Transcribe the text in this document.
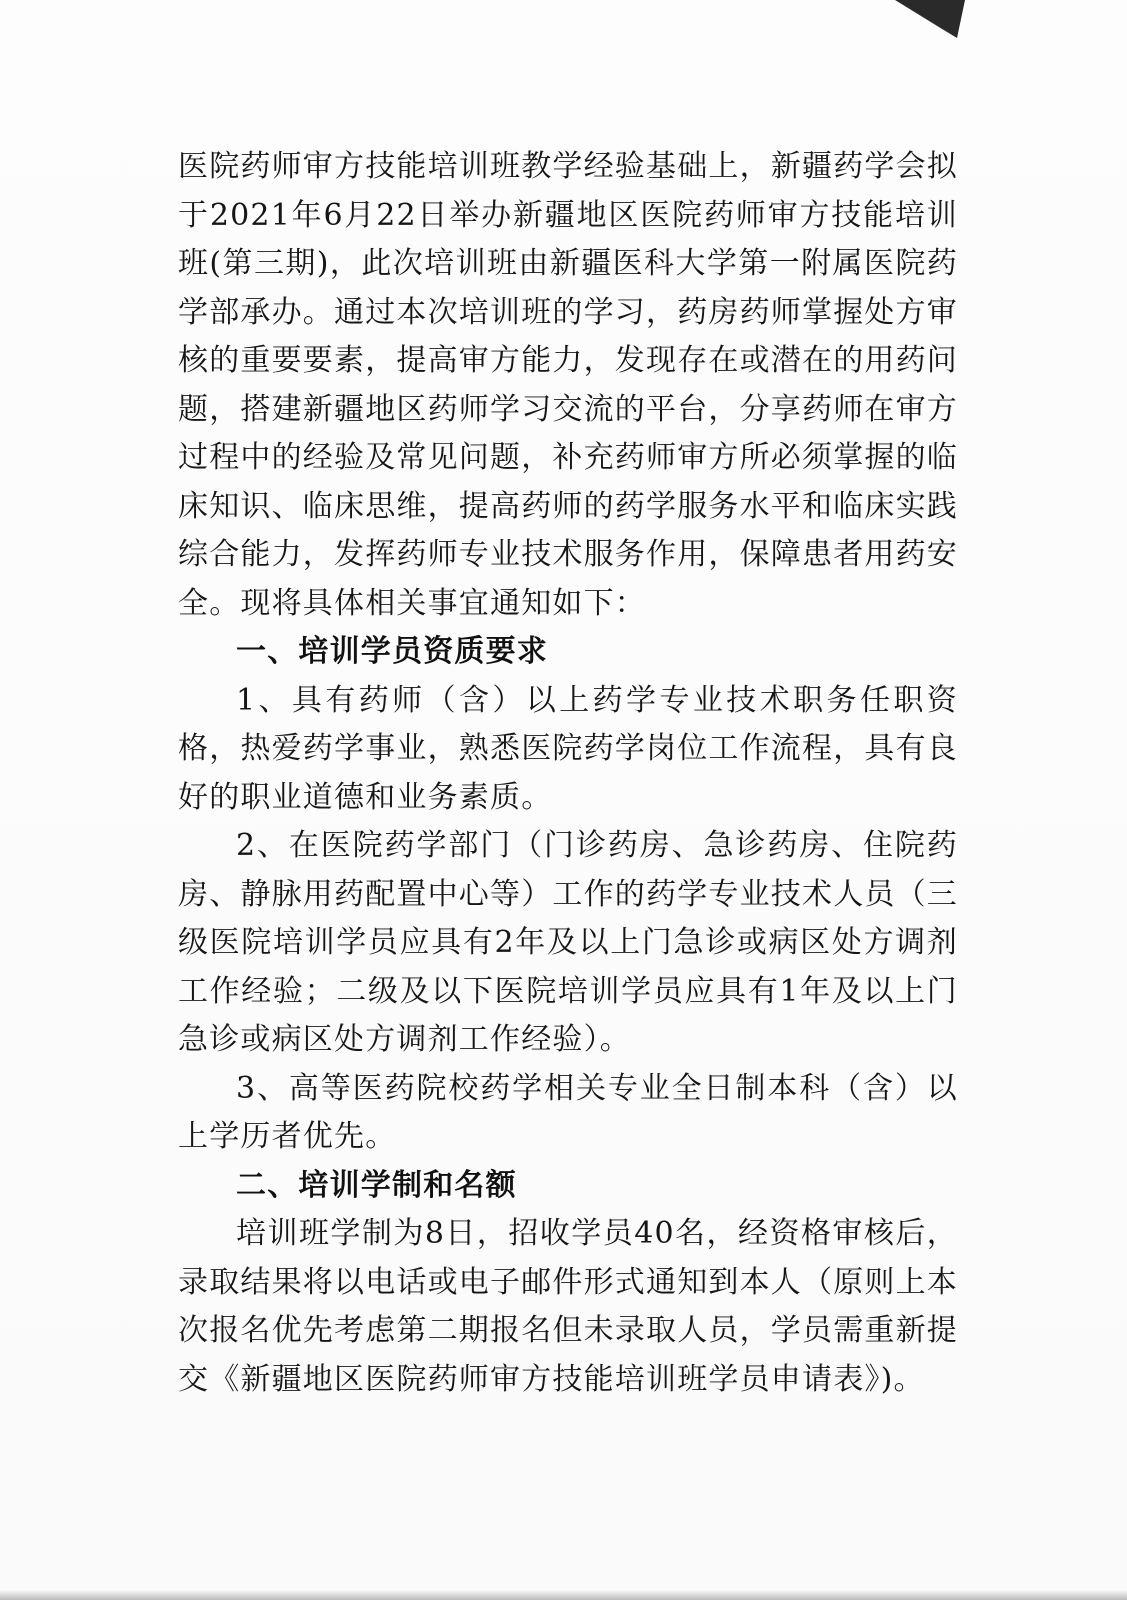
医院药师审方技能培训班教学经验基础上，新疆药学会拟于2021年6月22日举办新疆地区医院药师审方技能培训班(第三期)，此次培训班由新疆医科大学第一附属医院药学部承办。通过本次培训班的学习，药房药师掌握处方审核的重要要素，提高审方能力，发现存在或潜在的用药问题，搭建新疆地区药师学习交流的平台，分享药师在审方过程中的经验及常见问题，补充药师审方所必须掌握的临床知识、临床思维，提高药师的药学服务水平和临床实践综合能力，发挥药师专业技术服务作用，保障患者用药安全。现将具体相关事宜通知如下：

一、培训学员资质要求

1、具有药师（含）以上药学专业技术职务任职资格，热爱药学事业，熟悉医院药学岗位工作流程，具有良好的职业道德和业务素质。

2、在医院药学部门（门诊药房、急诊药房、住院药房、静脉用药配置中心等）工作的药学专业技术人员（三级医院培训学员应具有2年及以上门急诊或病区处方调剂工作经验；二级及以下医院培训学员应具有1年及以上门急诊或病区处方调剂工作经验）。

3、高等医药院校药学相关专业全日制本科（含）以上学历者优先。

二、培训学制和名额

培训班学制为8日，招收学员40名，经资格审核后，录取结果将以电话或电子邮件形式通知到本人（原则上本次报名优先考虑第二期报名但未录取人员，学员需重新提交《新疆地区医院药师审方技能培训班学员申请表》)。
